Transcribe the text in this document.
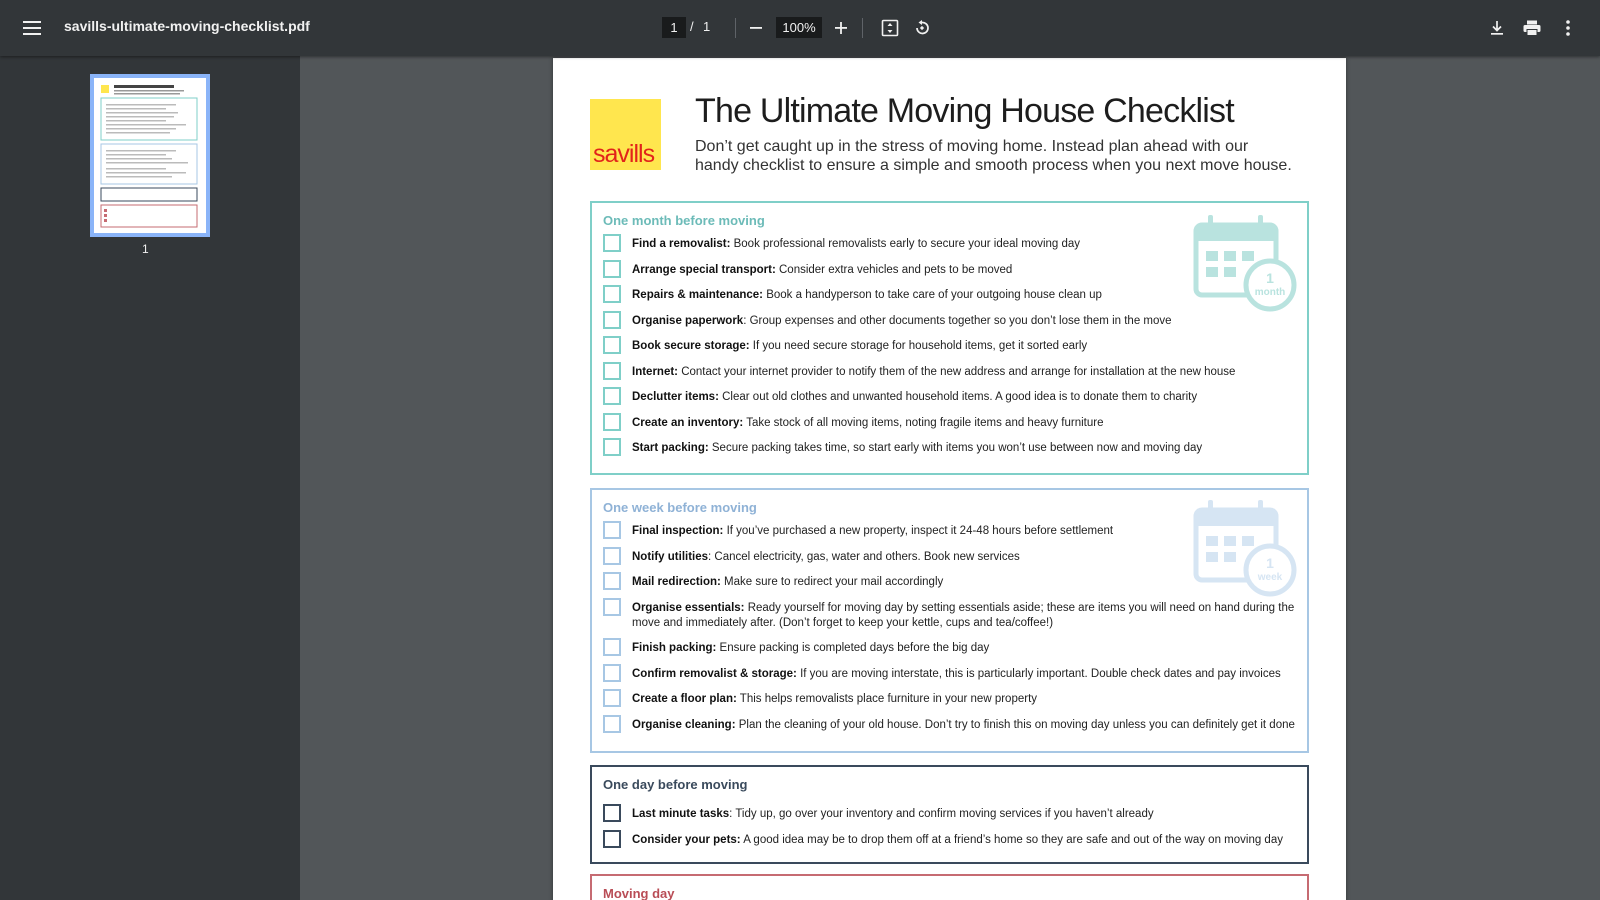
savills-ultimate-moving-checklist.pdf	1 / 1	100%
1
savills
The Ultimate Moving House Checklist
Don’t get caught up in the stress of moving home. Instead plan ahead with our handy checklist to ensure a simple and smooth process when you next move house.
One month before moving
1
month
Find a removalist: Book professional removalists early to secure your ideal moving day
Arrange special transport: Consider extra vehicles and pets to be moved
Repairs & maintenance: Book a handyperson to take care of your outgoing house clean up
Organise paperwork: Group expenses and other documents together so you don’t lose them in the move
Book secure storage: If you need secure storage for household items, get it sorted early
Internet: Contact your internet provider to notify them of the new address and arrange for installation at the new house
Declutter items: Clear out old clothes and unwanted household items. A good idea is to donate them to charity
Create an inventory: Take stock of all moving items, noting fragile items and heavy furniture
Start packing: Secure packing takes time, so start early with items you won’t use between now and moving day
One week before moving
1
week
Final inspection: If you’ve purchased a new property, inspect it 24-48 hours before settlement
Notify utilities: Cancel electricity, gas, water and others. Book new services
Mail redirection: Make sure to redirect your mail accordingly
Organise essentials: Ready yourself for moving day by setting essentials aside; these are items you will need on hand during the move and immediately after. (Don’t forget to keep your kettle, cups and tea/coffee!)
Finish packing: Ensure packing is completed days before the big day
Confirm removalist & storage: If you are moving interstate, this is particularly important. Double check dates and pay invoices
Create a floor plan: This helps removalists place furniture in your new property
Organise cleaning: Plan the cleaning of your old house. Don’t try to finish this on moving day unless you can definitely get it done
One day before moving
Last minute tasks: Tidy up, go over your inventory and confirm moving services if you haven’t already
Consider your pets: A good idea may be to drop them off at a friend’s home so they are safe and out of the way on moving day
Moving day
